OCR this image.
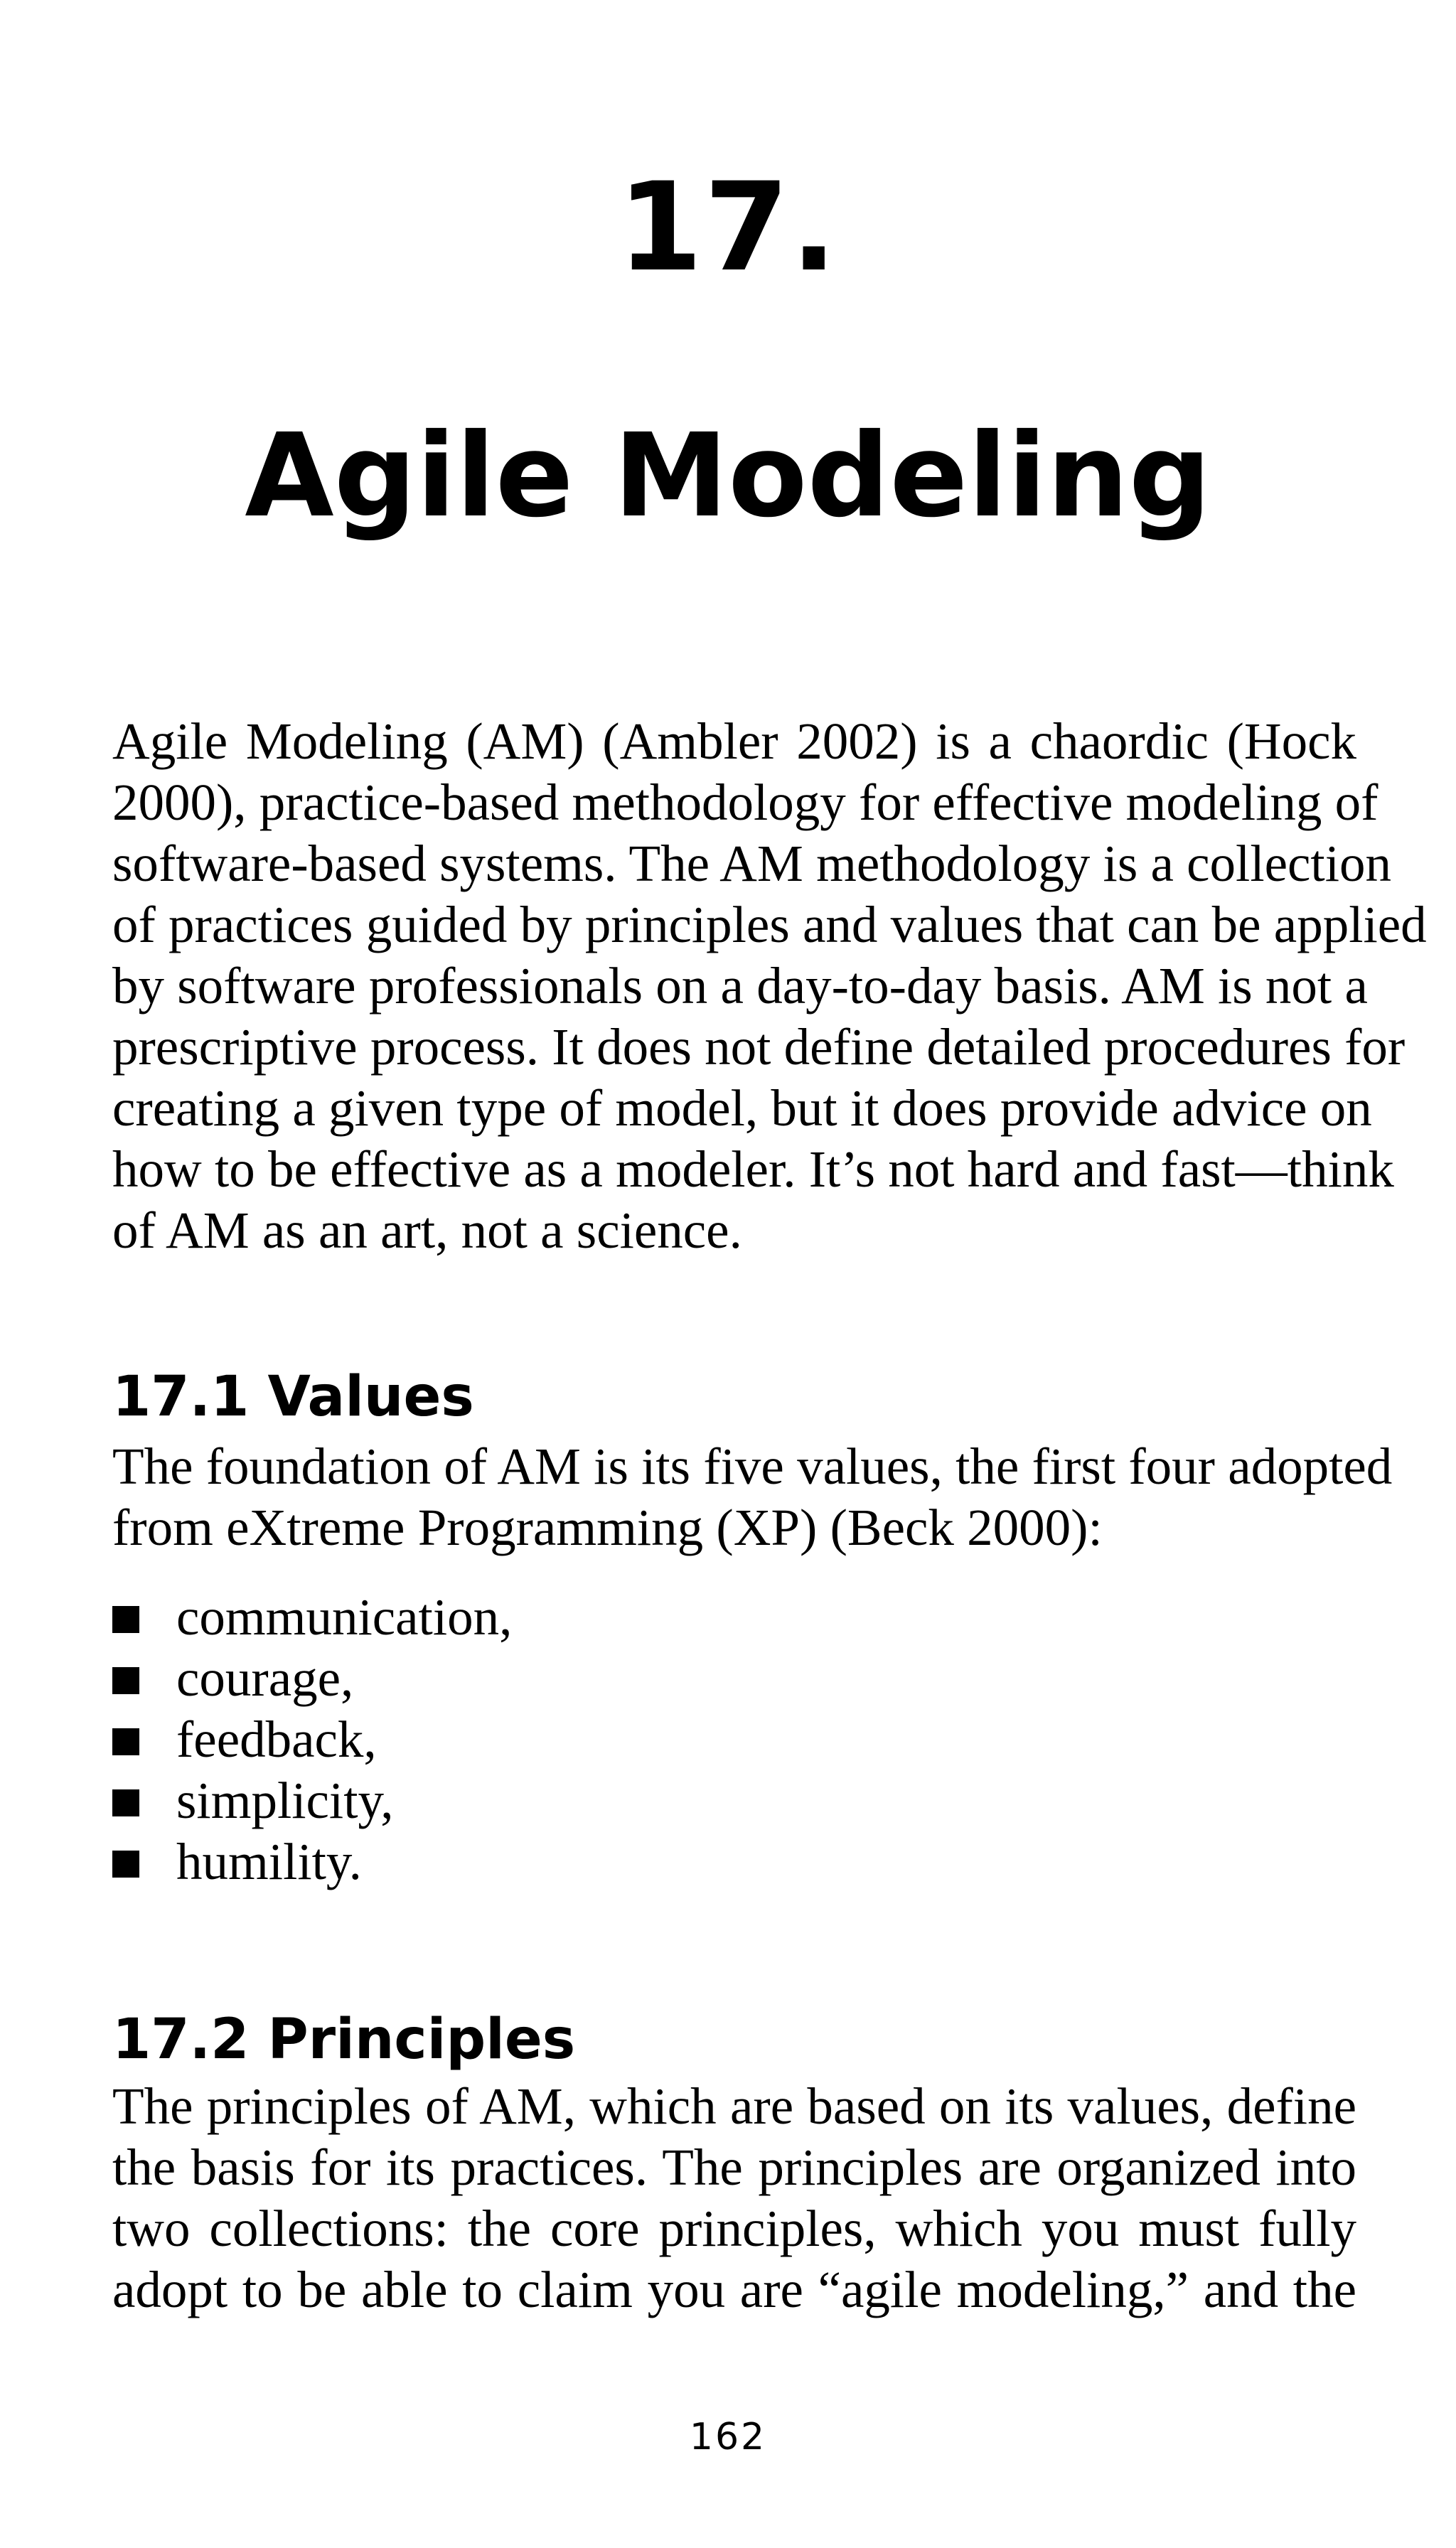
17.
Agile Modeling
Agile Modeling (AM) (Ambler 2002) is a chaordic (Hock
2000), practice-based methodology for effective modeling of
software-based systems. The AM methodology is a collection
of practices guided by principles and values that can be applied
by software professionals on a day-to-day basis. AM is not a
prescriptive process. It does not define detailed procedures for
creating a given type of model, but it does provide advice on
how to be effective as a modeler. It’s not hard and fast—think
of AM as an art, not a science.
17.1 Values
The foundation of AM is its five values, the first four adopted
from eXtreme Programming (XP) (Beck 2000):
communication,
courage,
feedback,
simplicity,
humility.
17.2 Principles
The principles of AM, which are based on its values, define
the basis for its practices. The principles are organized into
two collections: the core principles, which you must fully
adopt to be able to claim you are “agile modeling,” and the
162
